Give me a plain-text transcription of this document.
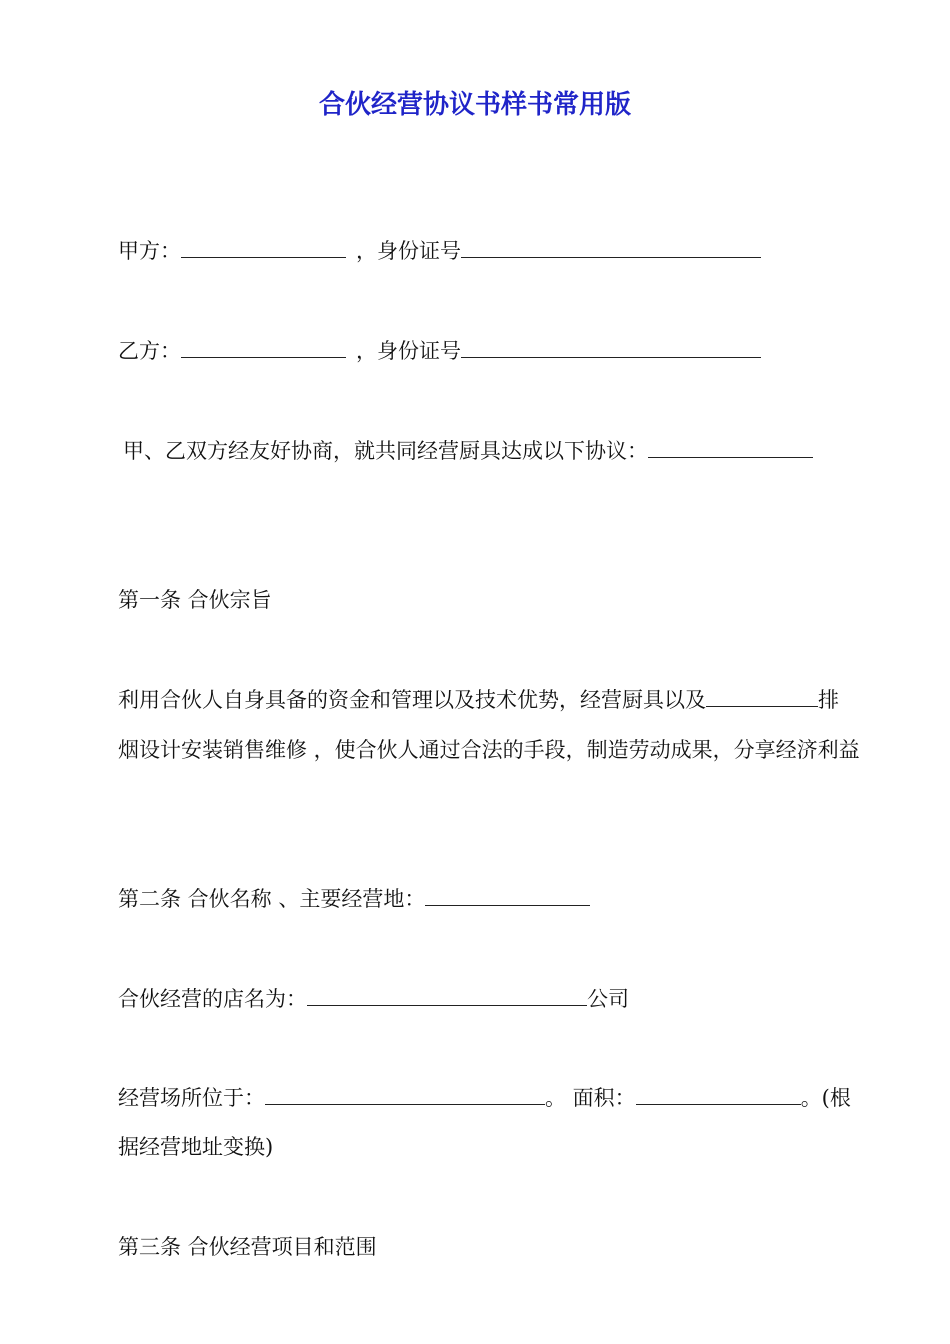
合伙经营协议书样书常用版
甲方：	，身份证号
乙方：	，身份证号
甲、乙双方经友好协商，就共同经营厨具达成以下协议：
第一条 合伙宗旨
利用合伙人自身具备的资金和管理以及技术优势，经营厨具以及	排
烟设计安装销售维修 ，使合伙人通过合法的手段，制造劳动成果，分享经济利益
第二条 合伙名称 、主要经营地：
合伙经营的店名为：	公司
经营场所位于：	。 面积：	。(根
据经营地址变换)
第三条 合伙经营项目和范围
